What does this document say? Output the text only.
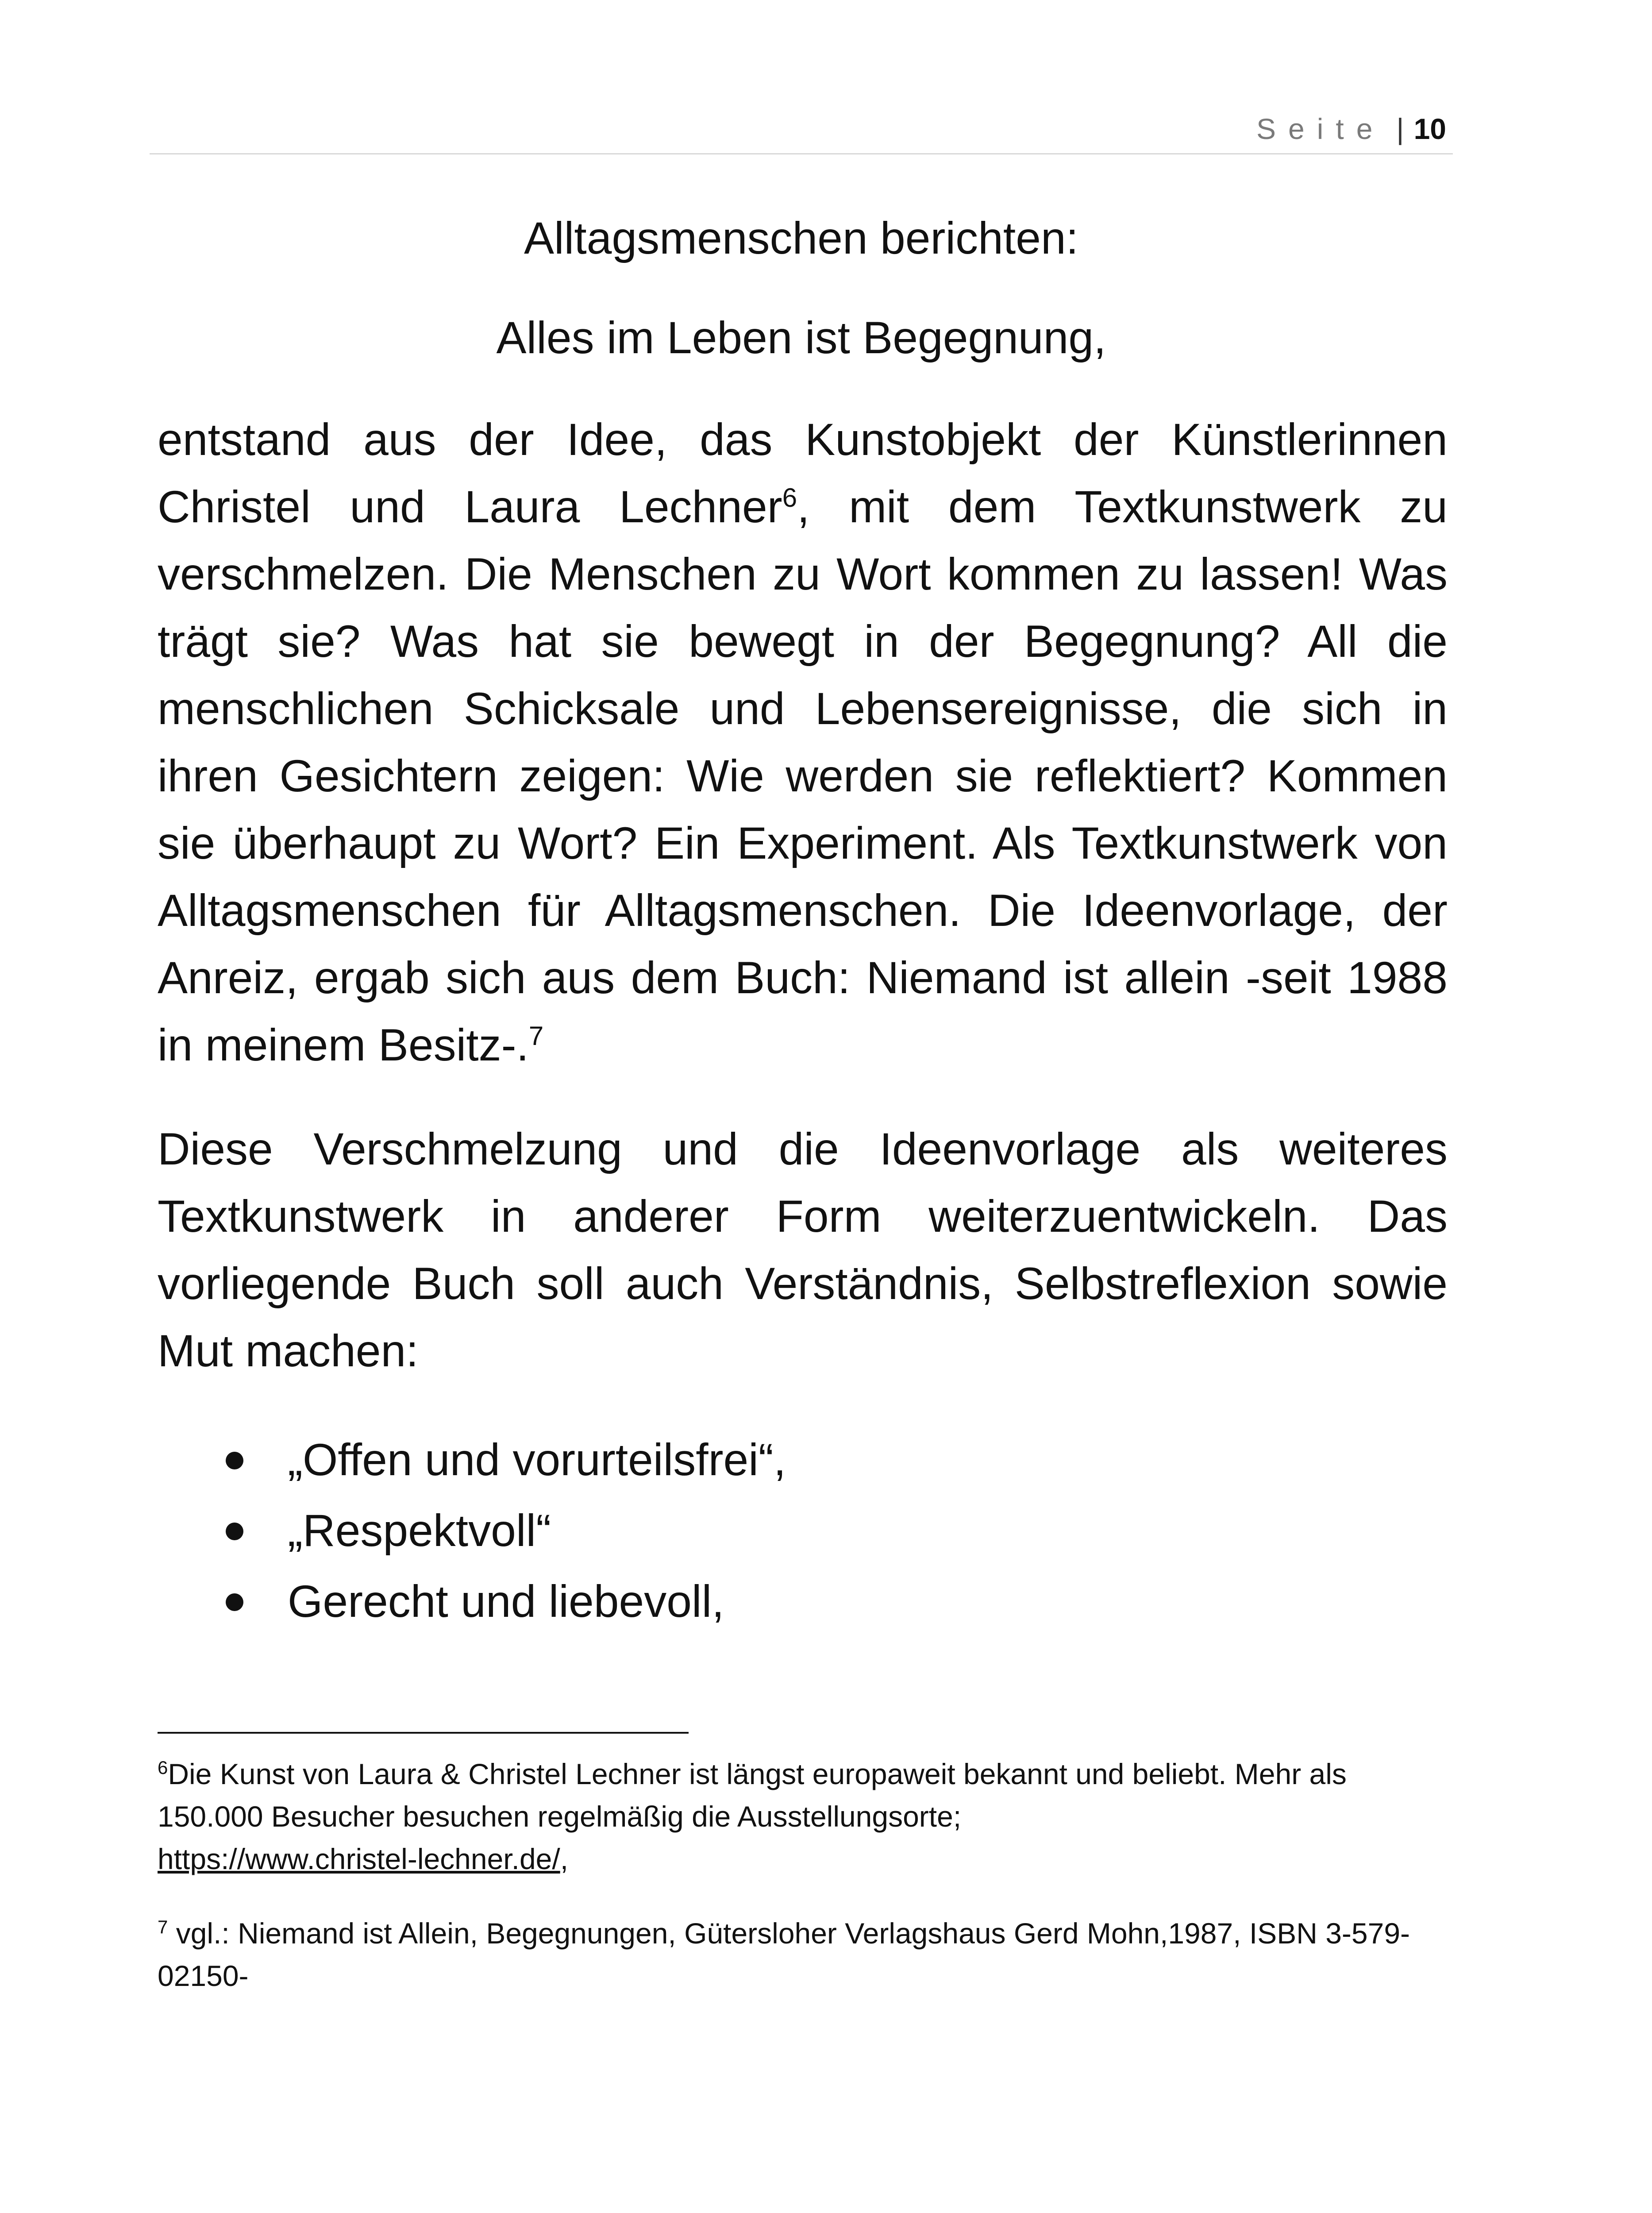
Seite | 10

Alltagsmenschen berichten:

Alles im Leben ist Begegnung,

entstand aus der Idee, das Kunstobjekt der Künstlerinnen Christel und Laura Lechner$^6$, mit dem Textkunstwerk zu verschmelzen. Die Menschen zu Wort kommen zu lassen! Was trägt sie? Was hat sie bewegt in der Begegnung? All die menschlichen Schicksale und Lebensereignisse, die sich in ihren Gesichtern zeigen: Wie werden sie reflektiert? Kommen sie überhaupt zu Wort? Ein Experiment. Als Textkunstwerk von Alltagsmenschen für Alltagsmenschen. Die Ideenvorlage, der Anreiz, ergab sich aus dem Buch: Niemand ist allein -seit 1988 in meinem Besitz-.$^7$

Diese Verschmelzung und die Ideenvorlage als weiteres Textkunstwerk in anderer Form weiterzuentwickeln. Das vorliegende Buch soll auch Verständnis, Selbstreflexion sowie Mut machen:

„Offen und vorurteilsfrei“,
„Respektvoll“
Gerecht und liebevoll,

$^6$Die Kunst von Laura & Christel Lechner ist längst europaweit bekannt und beliebt. Mehr als 150.000 Besucher besuchen regelmäßig die Ausstellungsorte;
https://www.christel-lechner.de/,

$^7$ vgl.: Niemand ist Allein, Begegnungen, Gütersloher Verlagshaus Gerd Mohn,1987, ISBN 3-579-02150-
